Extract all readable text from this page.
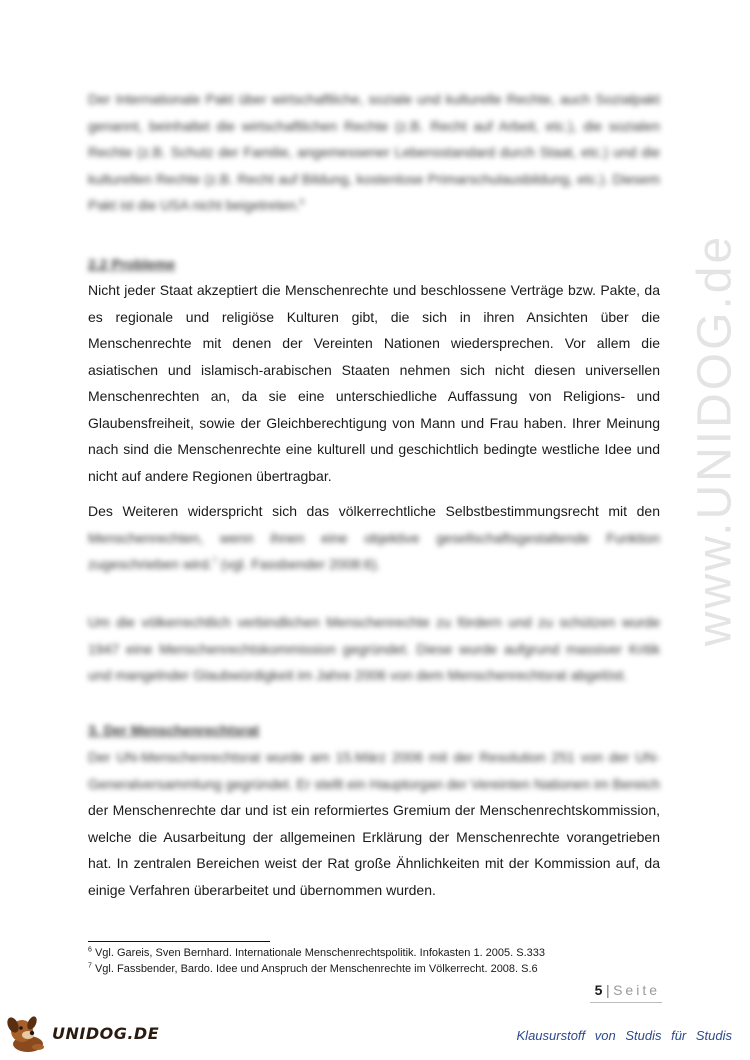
www.UNIDOG.de

Der Internationale Pakt über wirtschaftliche, soziale und kulturelle Rechte, auch Sozialpakt genannt, beinhaltet die wirtschaftlichen Rechte (z.B. Recht auf Arbeit, etc.), die sozialen Rechte (z.B. Schutz der Familie, angemessener Lebensstandard durch Staat, etc.) und die kulturellen Rechte (z.B. Recht auf Bildung, kostenlose Primarschulausbildung, etc.). Diesem Pakt ist die USA nicht beigetreten.$^6$

2.2 Probleme

Nicht jeder Staat akzeptiert die Menschenrechte und beschlossene Verträge bzw. Pakte, da es regionale und religiöse Kulturen gibt, die sich in ihren Ansichten über die Menschenrechte mit denen der Vereinten Nationen wiedersprechen. Vor allem die asiatischen und islamisch-arabischen Staaten nehmen sich nicht diesen universellen Menschenrechten an, da sie eine unterschiedliche Auffassung von Religions- und Glaubensfreiheit, sowie der Gleichberechtigung von Mann und Frau haben. Ihrer Meinung nach sind die Menschenrechte eine kulturell und geschichtlich bedingte westliche Idee und nicht auf andere Regionen übertragbar.

Des Weiteren widerspricht sich das völkerrechtliche Selbstbestimmungsrecht mit den Menschenrechten, wenn ihnen eine objektive gesellschaftsgestaltende Funktion zugeschrieben wird.$^7$ (vgl. Fassbender 2008:6).

Um die völkerrechtlich verbindlichen Menschenrechte zu fördern und zu schützen wurde 1947 eine Menschenrechtskommission gegründet. Diese wurde aufgrund massiver Kritik und mangelnder Glaubwürdigkeit im Jahre 2006 von dem Menschenrechtsrat abgelöst.

3. Der Menschenrechtsrat

Der UN-Menschenrechtsrat wurde am 15.März 2006 mit der Resolution 251 von der UN-Generalversammlung gegründet. Er stellt ein Hauptorgan der Vereinten Nationen im Bereich der Menschenrechte dar und ist ein reformiertes Gremium der Menschenrechtskommission, welche die Ausarbeitung der allgemeinen Erklärung der Menschenrechte vorangetrieben hat. In zentralen Bereichen weist der Rat große Ähnlichkeiten mit der Kommission auf, da einige Verfahren überarbeitet und übernommen wurden.

$^6$ Vgl. Gareis, Sven Bernhard. Internationale Menschenrechtspolitik. Infokasten 1. 2005. S.333
$^7$ Vgl. Fassbender, Bardo. Idee und Anspruch der Menschenrechte im Völkerrecht. 2008. S.6
5 | Seite
UNIDOG.DE	Klausurstoff von Studis für Studis
